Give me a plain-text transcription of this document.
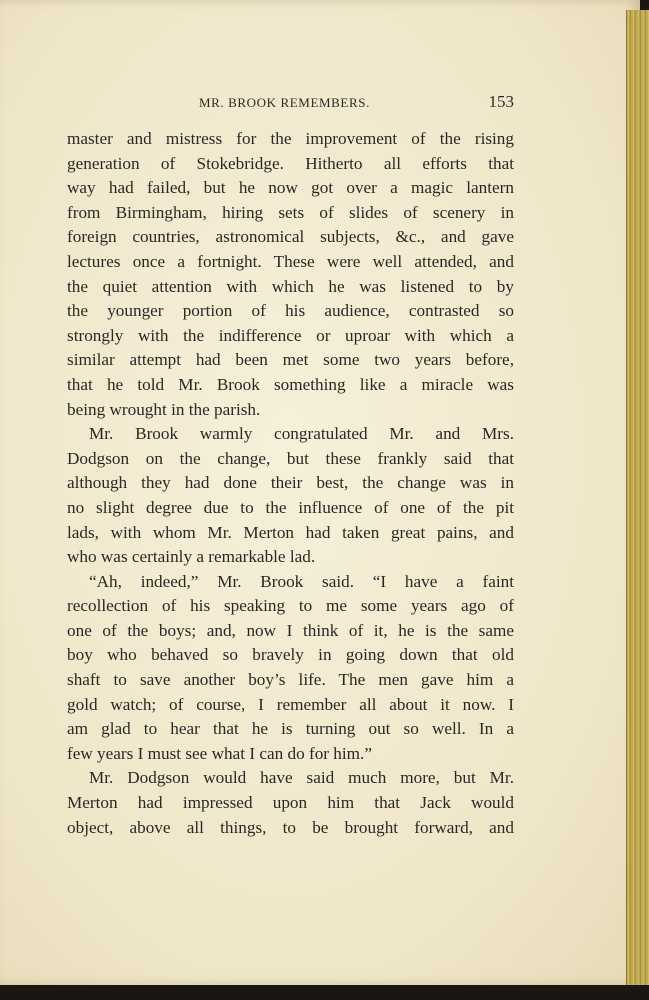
MR. BROOK REMEMBERS.	153
master and mistress for the improvement of the rising
generation of Stokebridge. Hitherto all efforts that
way had failed, but he now got over a magic lantern
from Birmingham, hiring sets of slides of scenery in
foreign countries, astronomical subjects, &c., and gave
lectures once a fortnight. These were well attended, and
the quiet attention with which he was listened to by
the younger portion of his audience, contrasted so
strongly with the indifference or uproar with which a
similar attempt had been met some two years before,
that he told Mr. Brook something like a miracle was
being wrought in the parish.
Mr. Brook warmly congratulated Mr. and Mrs.
Dodgson on the change, but these frankly said that
although they had done their best, the change was in
no slight degree due to the influence of one of the pit
lads, with whom Mr. Merton had taken great pains, and
who was certainly a remarkable lad.
“Ah, indeed,” Mr. Brook said. “I have a faint
recollection of his speaking to me some years ago of
one of the boys; and, now I think of it, he is the same
boy who behaved so bravely in going down that old
shaft to save another boy’s life. The men gave him a
gold watch; of course, I remember all about it now. I
am glad to hear that he is turning out so well. In a
few years I must see what I can do for him.”
Mr. Dodgson would have said much more, but Mr.
Merton had impressed upon him that Jack would
object, above all things, to be brought forward, and
